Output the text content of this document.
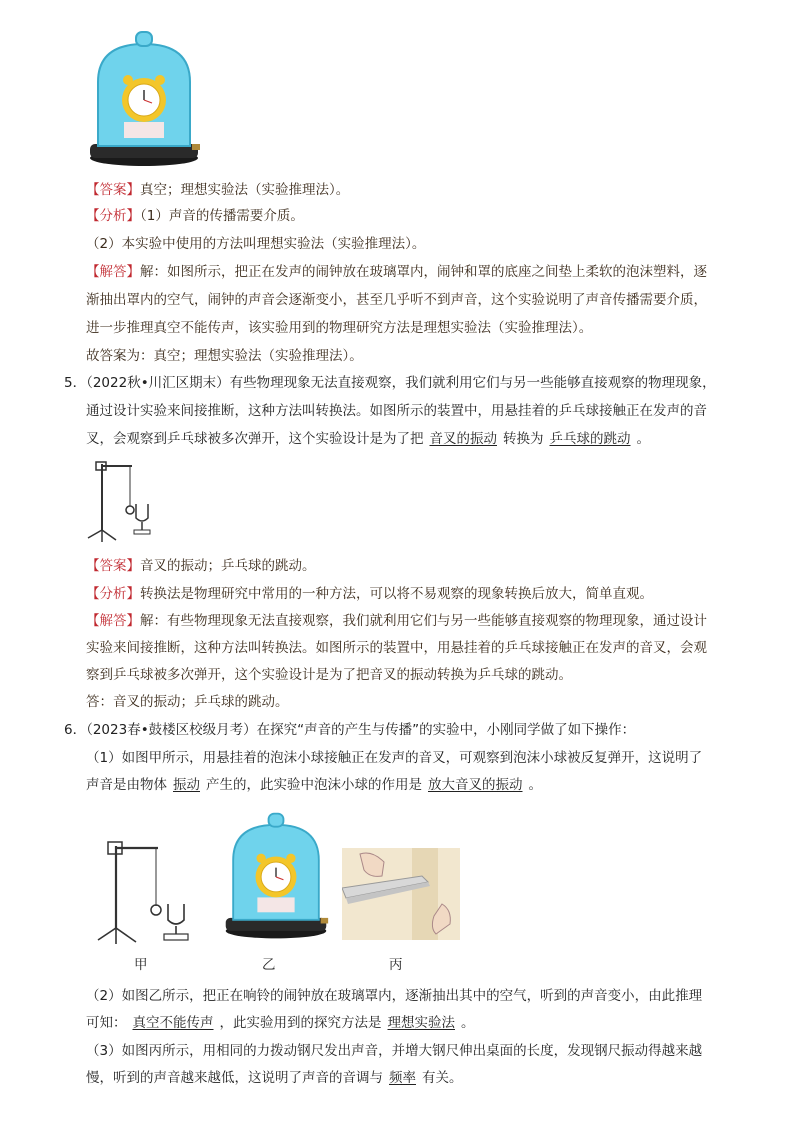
【答案】真空；理想实验法（实验推理法）。
【分析】（1）声音的传播需要介质。
（2）本实验中使用的方法叫理想实验法（实验推理法）。
【解答】解：如图所示，把正在发声的闹钟放在玻璃罩内，闹钟和罩的底座之间垫上柔软的泡沫塑料，逐
渐抽出罩内的空气，闹钟的声音会逐渐变小，甚至几乎听不到声音，这个实验说明了声音传播需要介质，
进一步推理真空不能传声，该实验用到的物理研究方法是理想实验法（实验推理法）。
故答案为：真空；理想实验法（实验推理法）。
5．（2022秋•川汇区期末）有些物理现象无法直接观察，我们就利用它们与另一些能够直接观察的物理现象，
通过设计实验来间接推断，这种方法叫转换法。如图所示的装置中，用悬挂着的乒乓球接触正在发声的音
叉，会观察到乒乓球被多次弹开，这个实验设计是为了把 音叉的振动 转换为 乒乓球的跳动 。
【答案】音叉的振动；乒乓球的跳动。
【分析】转换法是物理研究中常用的一种方法，可以将不易观察的现象转换后放大，简单直观。
【解答】解：有些物理现象无法直接观察，我们就利用它们与另一些能够直接观察的物理现象，通过设计
实验来间接推断，这种方法叫转换法。如图所示的装置中，用悬挂着的乒乓球接触正在发声的音叉，会观
察到乒乓球被多次弹开，这个实验设计是为了把音叉的振动转换为乒乓球的跳动。
答：音叉的振动；乒乓球的跳动。
6．（2023春•鼓楼区校级月考）在探究“声音的产生与传播”的实验中，小刚同学做了如下操作：
（1）如图甲所示，用悬挂着的泡沫小球接触正在发声的音叉，可观察到泡沫小球被反复弹开，这说明了
声音是由物体 振动 产生的，此实验中泡沫小球的作用是 放大音叉的振动 。
甲	乙	丙
（2）如图乙所示，把正在响铃的闹钟放在玻璃罩内，逐渐抽出其中的空气，听到的声音变小，由此推理
可知： 真空不能传声 ，此实验用到的探究方法是 理想实验法 。
（3）如图丙所示，用相同的力拨动钢尺发出声音，并增大钢尺伸出桌面的长度，发现钢尺振动得越来越
慢，听到的声音越来越低，这说明了声音的音调与 频率 有关。
